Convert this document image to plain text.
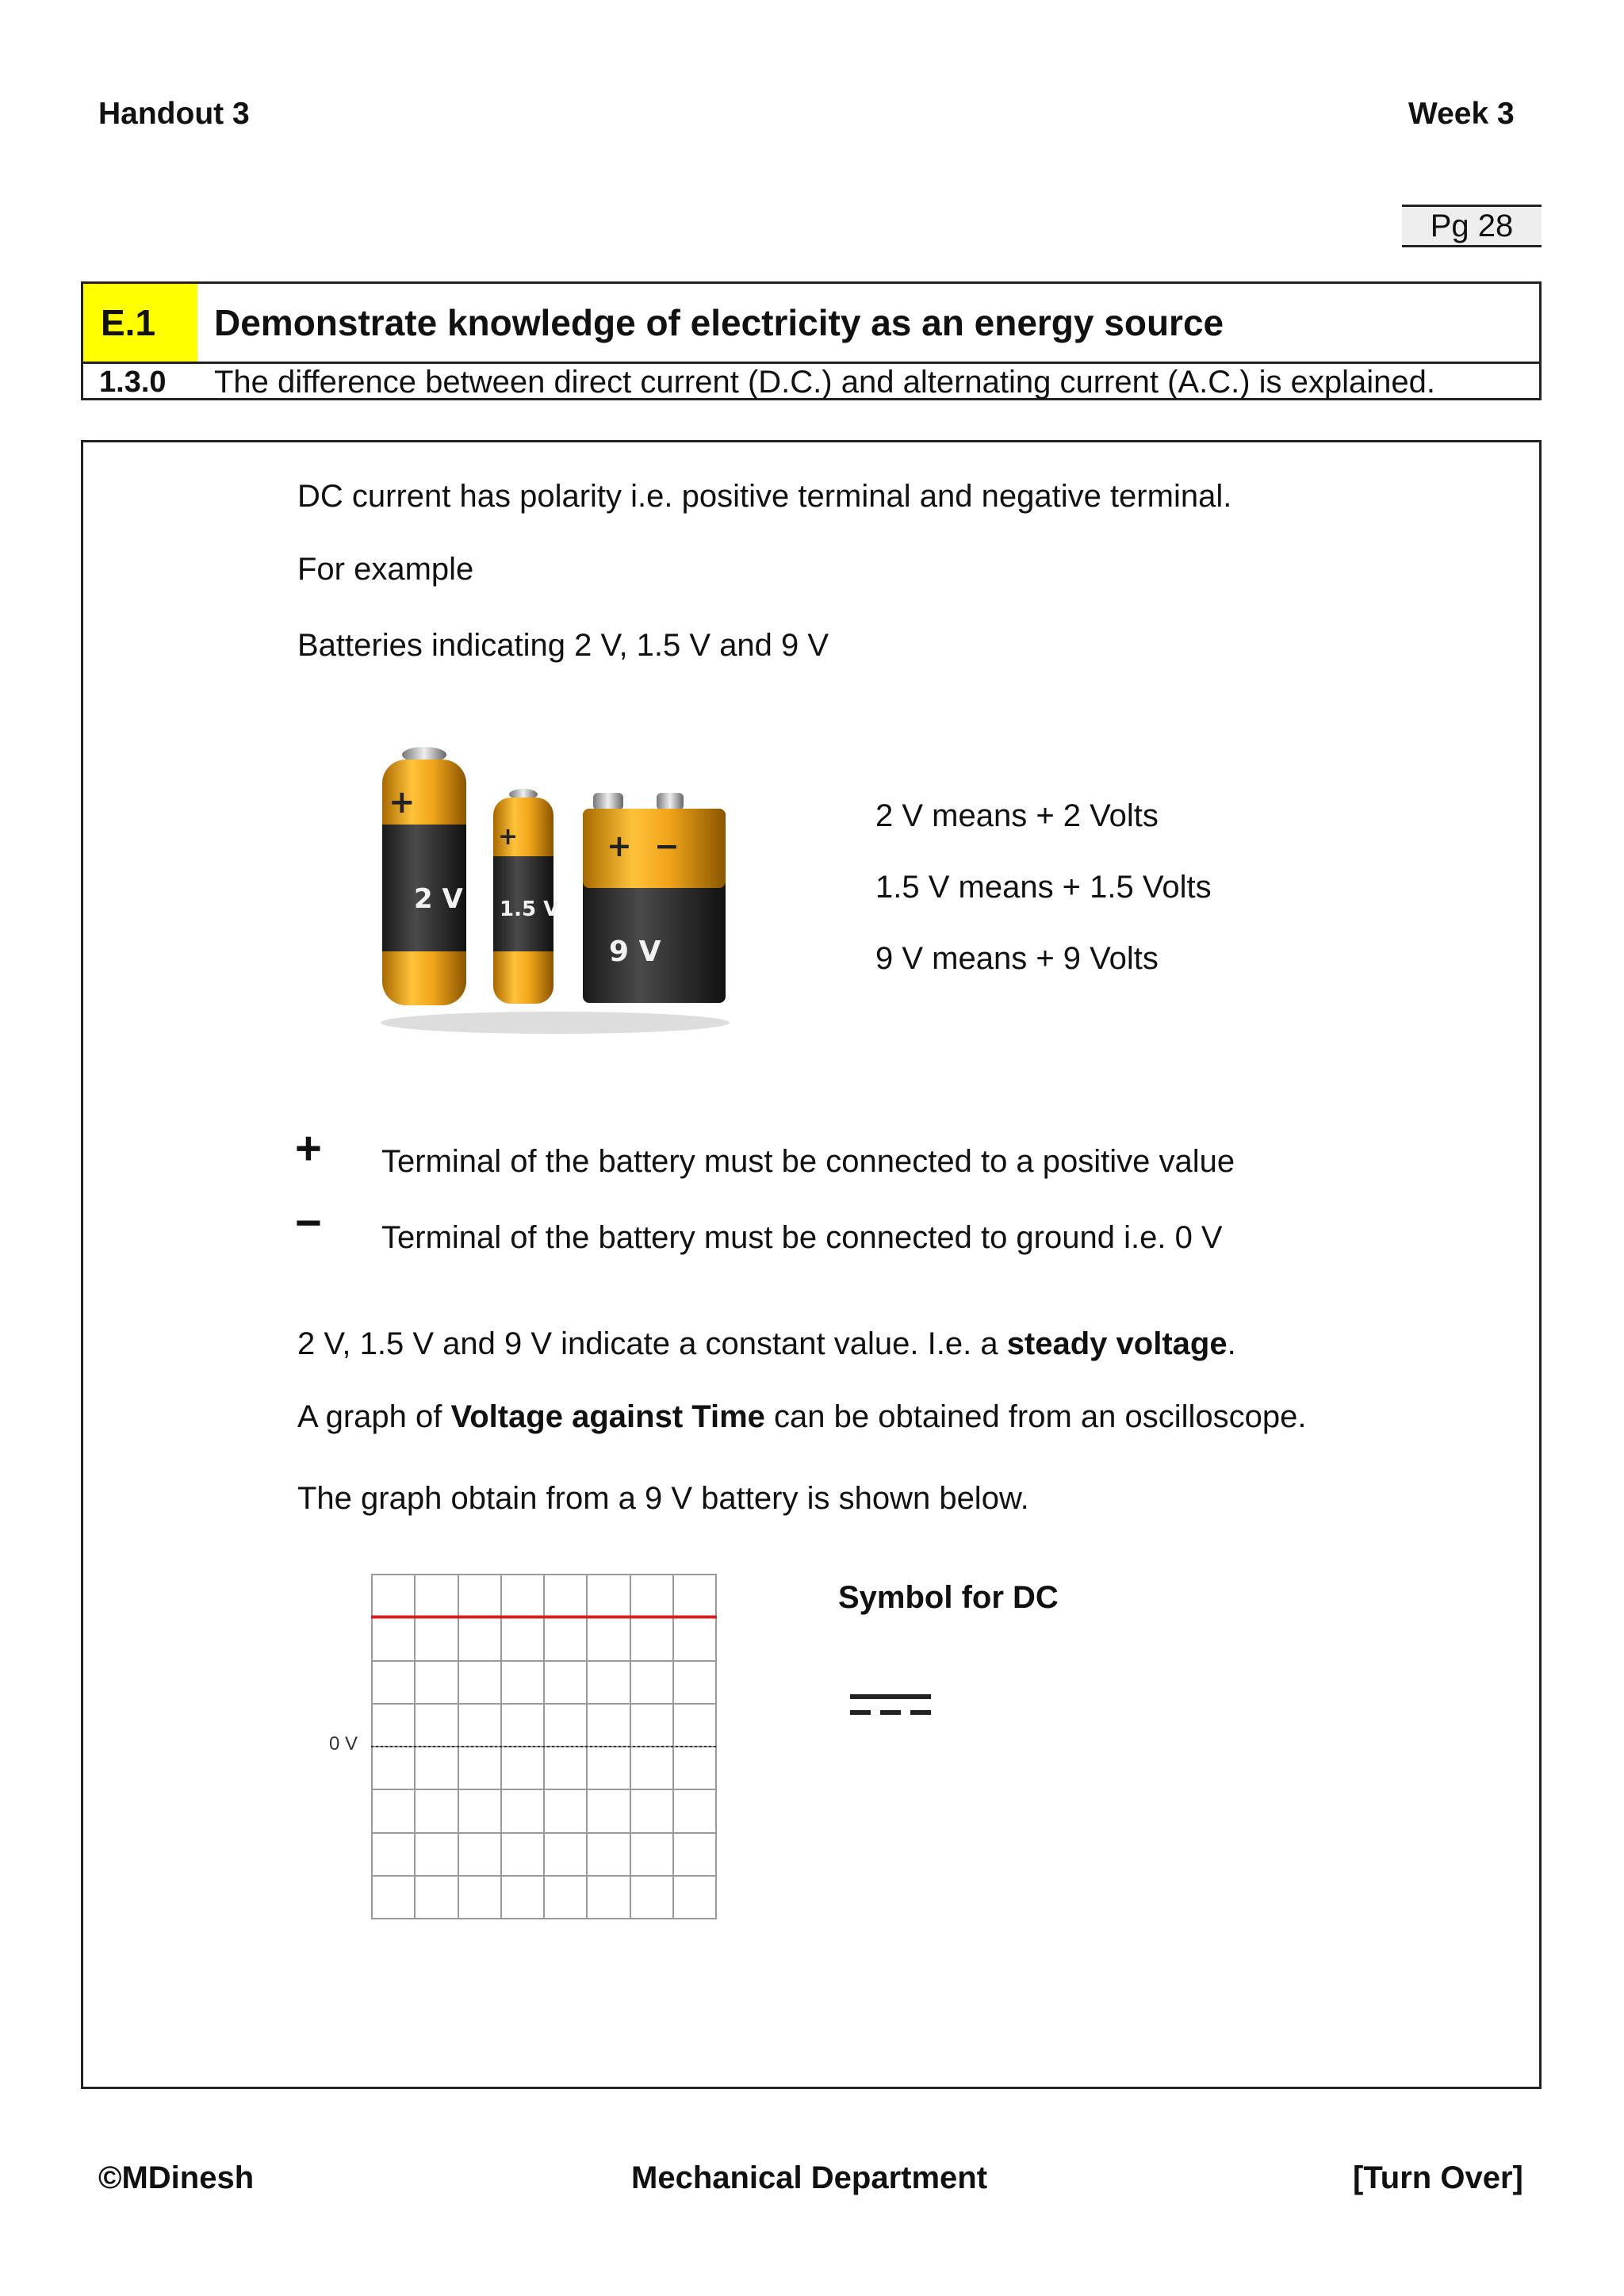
Handout 3	Week 3
Pg 28
E.1	Demonstrate knowledge of electricity as an energy source
1.3.0 The difference between direct current (D.C.) and alternating current (A.C.) is explained.
DC current has polarity i.e. positive terminal and negative terminal.
For example
Batteries indicating 2 V, 1.5 V and 9 V
+
2 V
+
1.5 V
+ −
9 V
2 V means + 2 Volts
1.5 V means + 1.5 Volts
9 V means + 9 Volts
+ Terminal of the battery must be connected to a positive value
− Terminal of the battery must be connected to ground i.e. 0 V
2 V, 1.5 V and 9 V indicate a constant value. I.e. a steady voltage.
A graph of Voltage against Time can be obtained from an oscilloscope.
The graph obtain from a 9 V battery is shown below.
0 V
Symbol for DC
©MDinesh	Mechanical Department	[Turn Over]
